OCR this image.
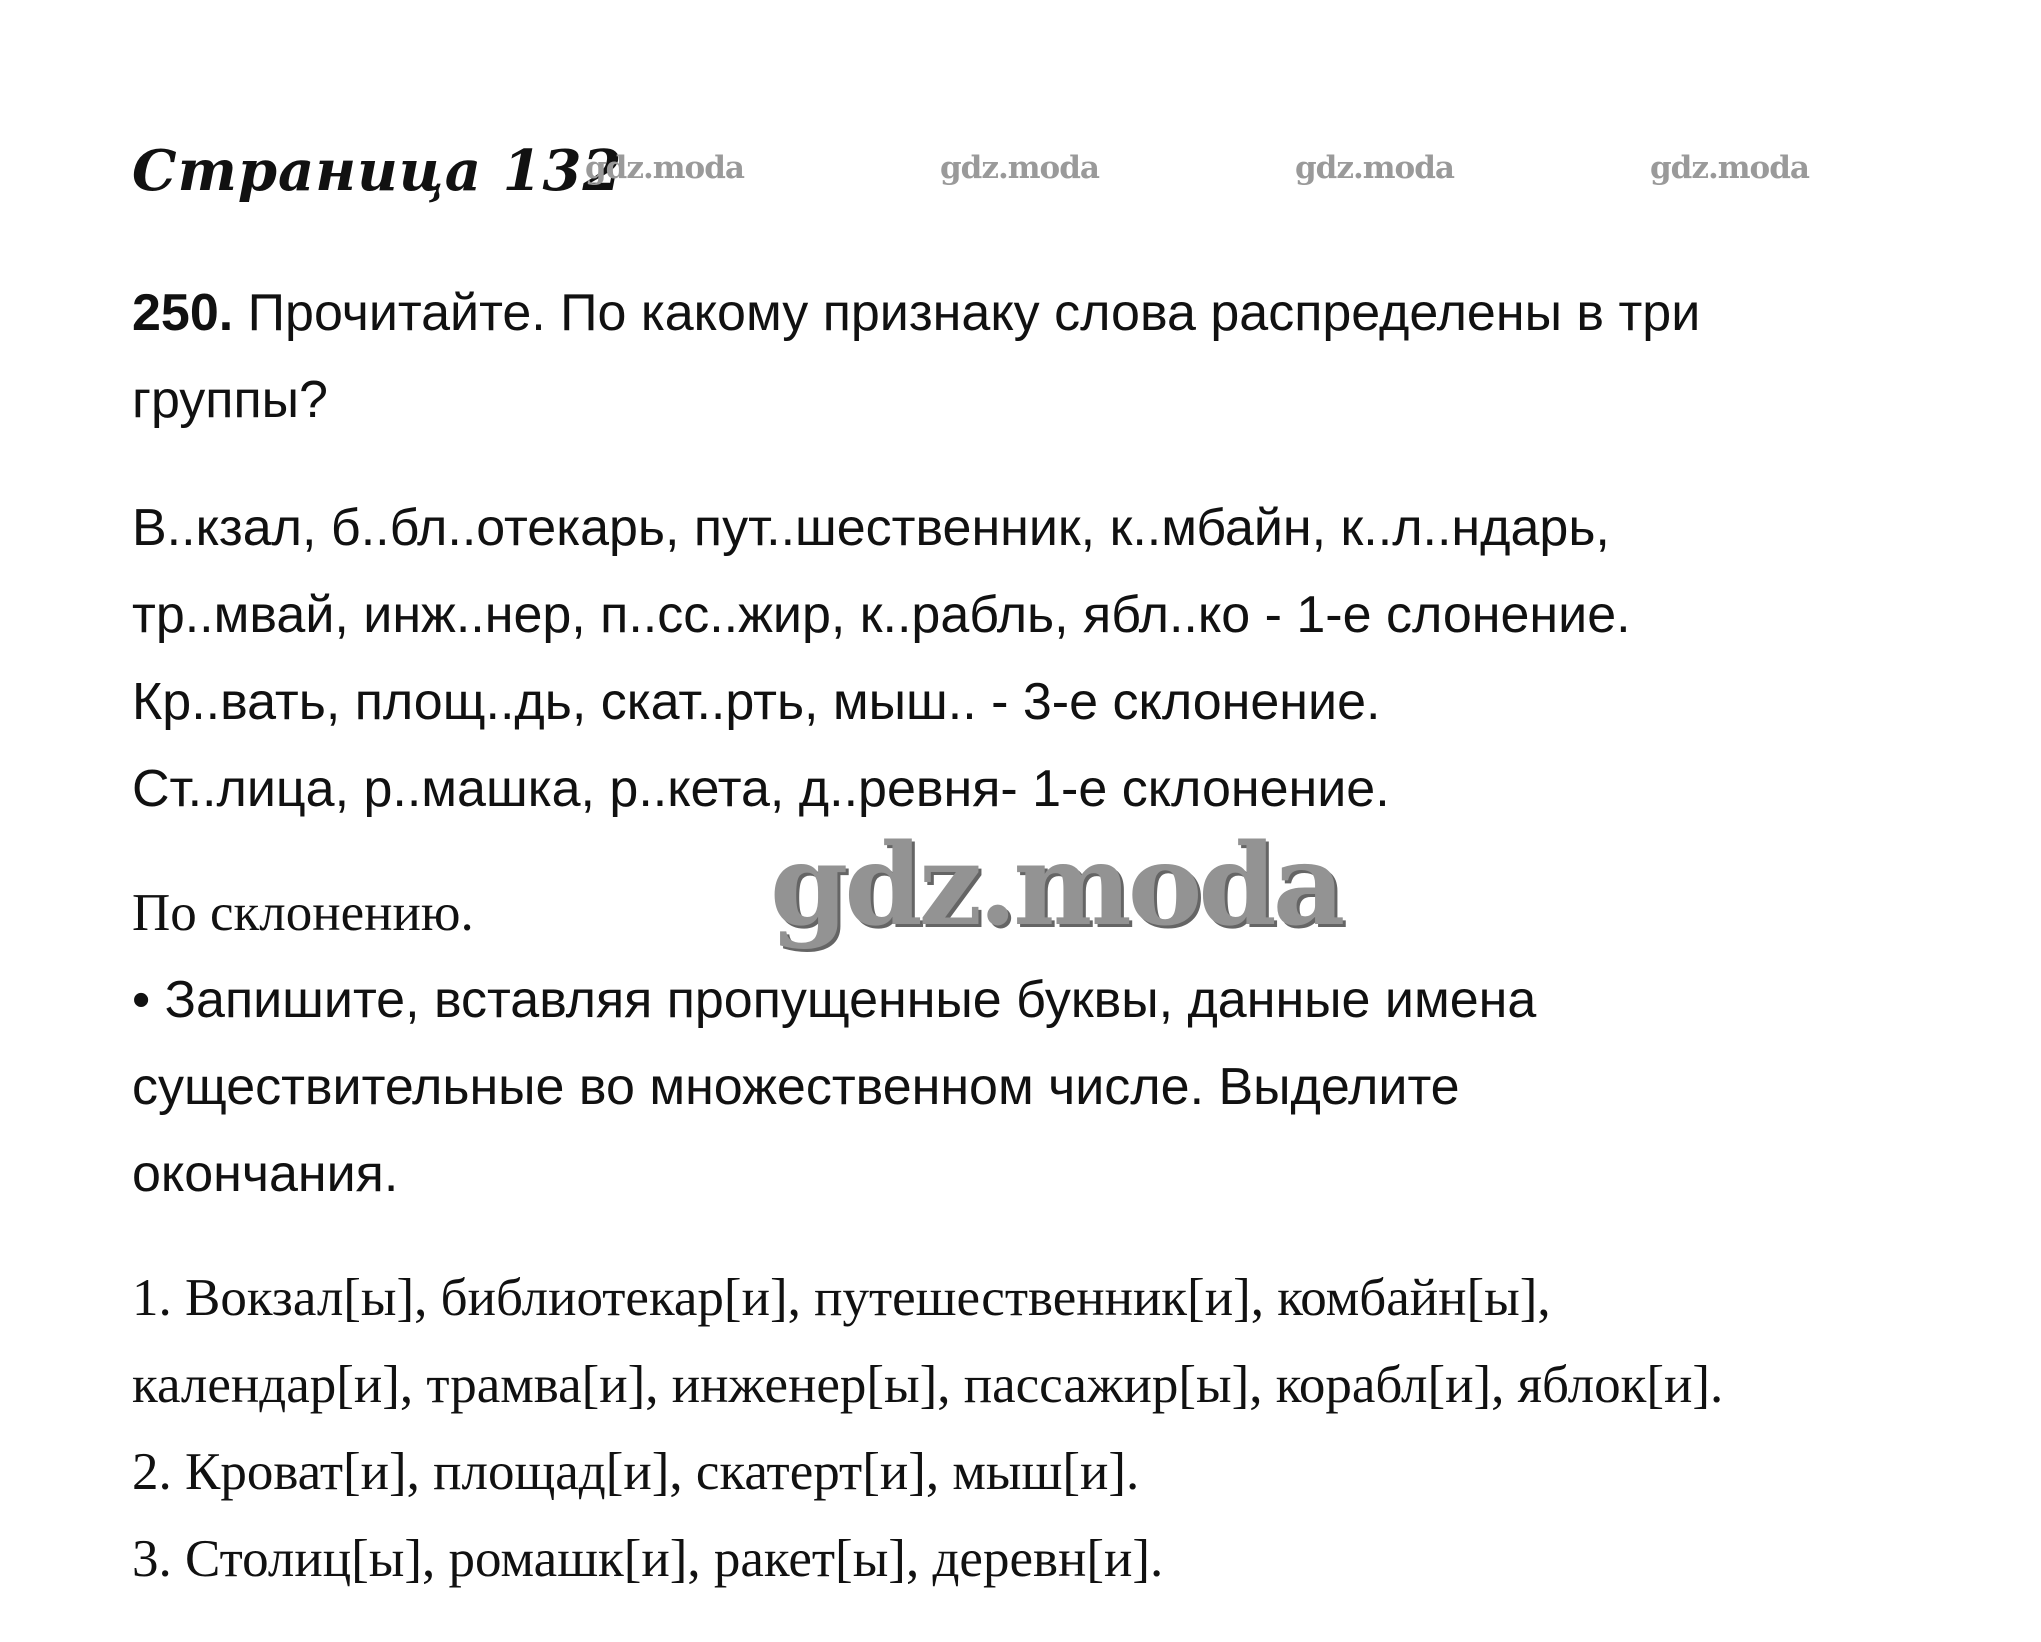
Страница 132
gdz.moda	gdz.moda	gdz.moda	gdz.moda
250. Прочитайте. По какому признаку слова распределены в три
группы?
В..кзал, б..бл..отекарь, пут..шественник, к..мбайн, к..л..ндарь,
тр..мвай, инж..нер, п..сс..жир, к..рабль, ябл..ко - 1-е слонение.
Кр..вать, площ..дь, скат..рть, мыш.. - 3-е склонение.
Ст..лица, р..машка, р..кета, д..ревня- 1-е склонение.
По склонению.	gdz.moda
• Запишите, вставляя пропущенные буквы, данные имена
существительные во множественном числе. Выделите
окончания.
1. Вокзал[ы], библиотекар[и], путешественник[и], комбайн[ы],
календар[и], трамва[и], инженер[ы], пассажир[ы], корабл[и], яблок[и].
2. Кроват[и], площад[и], скатерт[и], мыш[и].
3. Столиц[ы], ромашк[и], ракет[ы], деревн[и].
